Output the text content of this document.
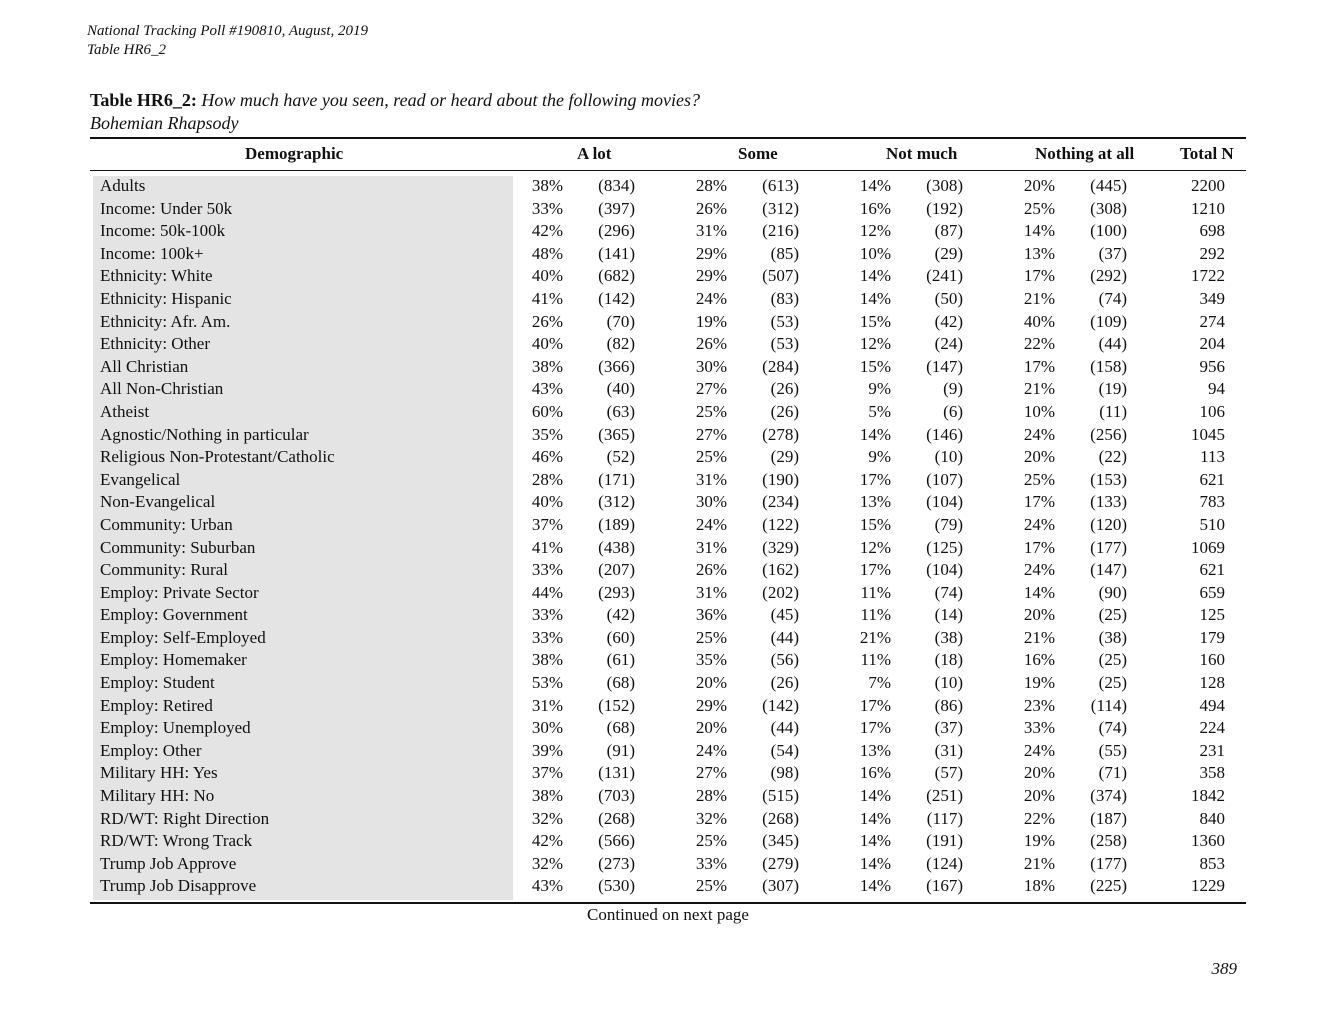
National Tracking Poll #190810, August, 2019
Table HR6_2
Table HR6_2: How much have you seen, read or heard about the following movies?
Bohemian Rhapsody
Demographic	A lot	Some	Not much	Nothing at all	Total N
Adults	38% (834)	28% (613)	14% (308)	20% (445)	2200
Income: Under 50k	33% (397)	26% (312)	16% (192)	25% (308)	1210
Income: 50k-100k	42% (296)	31% (216)	12%	(87)	14% (100)	698
Income: 100k+	48% (141)	29%	(85)	10%	(29)	13%	(37)	292
Ethnicity: White	40% (682)	29% (507)	14% (241)	17% (292)	1722
Ethnicity: Hispanic	41% (142)	24%	(83)	14%	(50)	21%	(74)	349
Ethnicity: Afr. Am.	26%	(70)	19%	(53)	15%	(42)	40% (109)	274
Ethnicity: Other	40%	(82)	26%	(53)	12%	(24)	22%	(44)	204
All Christian	38% (366)	30% (284)	15% (147)	17% (158)	956
All Non-Christian	43%	(40)	27%	(26)	9%	(9)	21%	(19)	94
Atheist	60%	(63)	25%	(26)	5%	(6)	10%	(11)	106
Agnostic/Nothing in particular	35% (365)	27% (278)	14% (146)	24% (256)	1045
Religious Non-Protestant/Catholic	46%	(52)	25%	(29)	9%	(10)	20%	(22)	113
Evangelical	28% (171)	31% (190)	17% (107)	25% (153)	621
Non-Evangelical	40% (312)	30% (234)	13% (104)	17% (133)	783
Community: Urban	37% (189)	24% (122)	15%	(79)	24% (120)	510
Community: Suburban	41% (438)	31% (329)	12% (125)	17% (177)	1069
Community: Rural	33% (207)	26% (162)	17% (104)	24% (147)	621
Employ: Private Sector	44% (293)	31% (202)	11%	(74)	14%	(90)	659
Employ: Government	33%	(42)	36%	(45)	11%	(14)	20%	(25)	125
Employ: Self-Employed	33%	(60)	25%	(44)	21%	(38)	21%	(38)	179
Employ: Homemaker	38%	(61)	35%	(56)	11%	(18)	16%	(25)	160
Employ: Student	53%	(68)	20%	(26)	7%	(10)	19%	(25)	128
Employ: Retired	31% (152)	29% (142)	17%	(86)	23% (114)	494
Employ: Unemployed	30%	(68)	20%	(44)	17%	(37)	33%	(74)	224
Employ: Other	39%	(91)	24%	(54)	13%	(31)	24%	(55)	231
Military HH: Yes	37% (131)	27%	(98)	16%	(57)	20%	(71)	358
Military HH: No	38% (703)	28% (515)	14% (251)	20% (374)	1842
RD/WT: Right Direction	32% (268)	32% (268)	14% (117)	22% (187)	840
RD/WT: Wrong Track	42% (566)	25% (345)	14% (191)	19% (258)	1360
Trump Job Approve	32% (273)	33% (279)	14% (124)	21% (177)	853
Trump Job Disapprove	43% (530)	25% (307)	14% (167)	18% (225)	1229
Continued on next page
389
